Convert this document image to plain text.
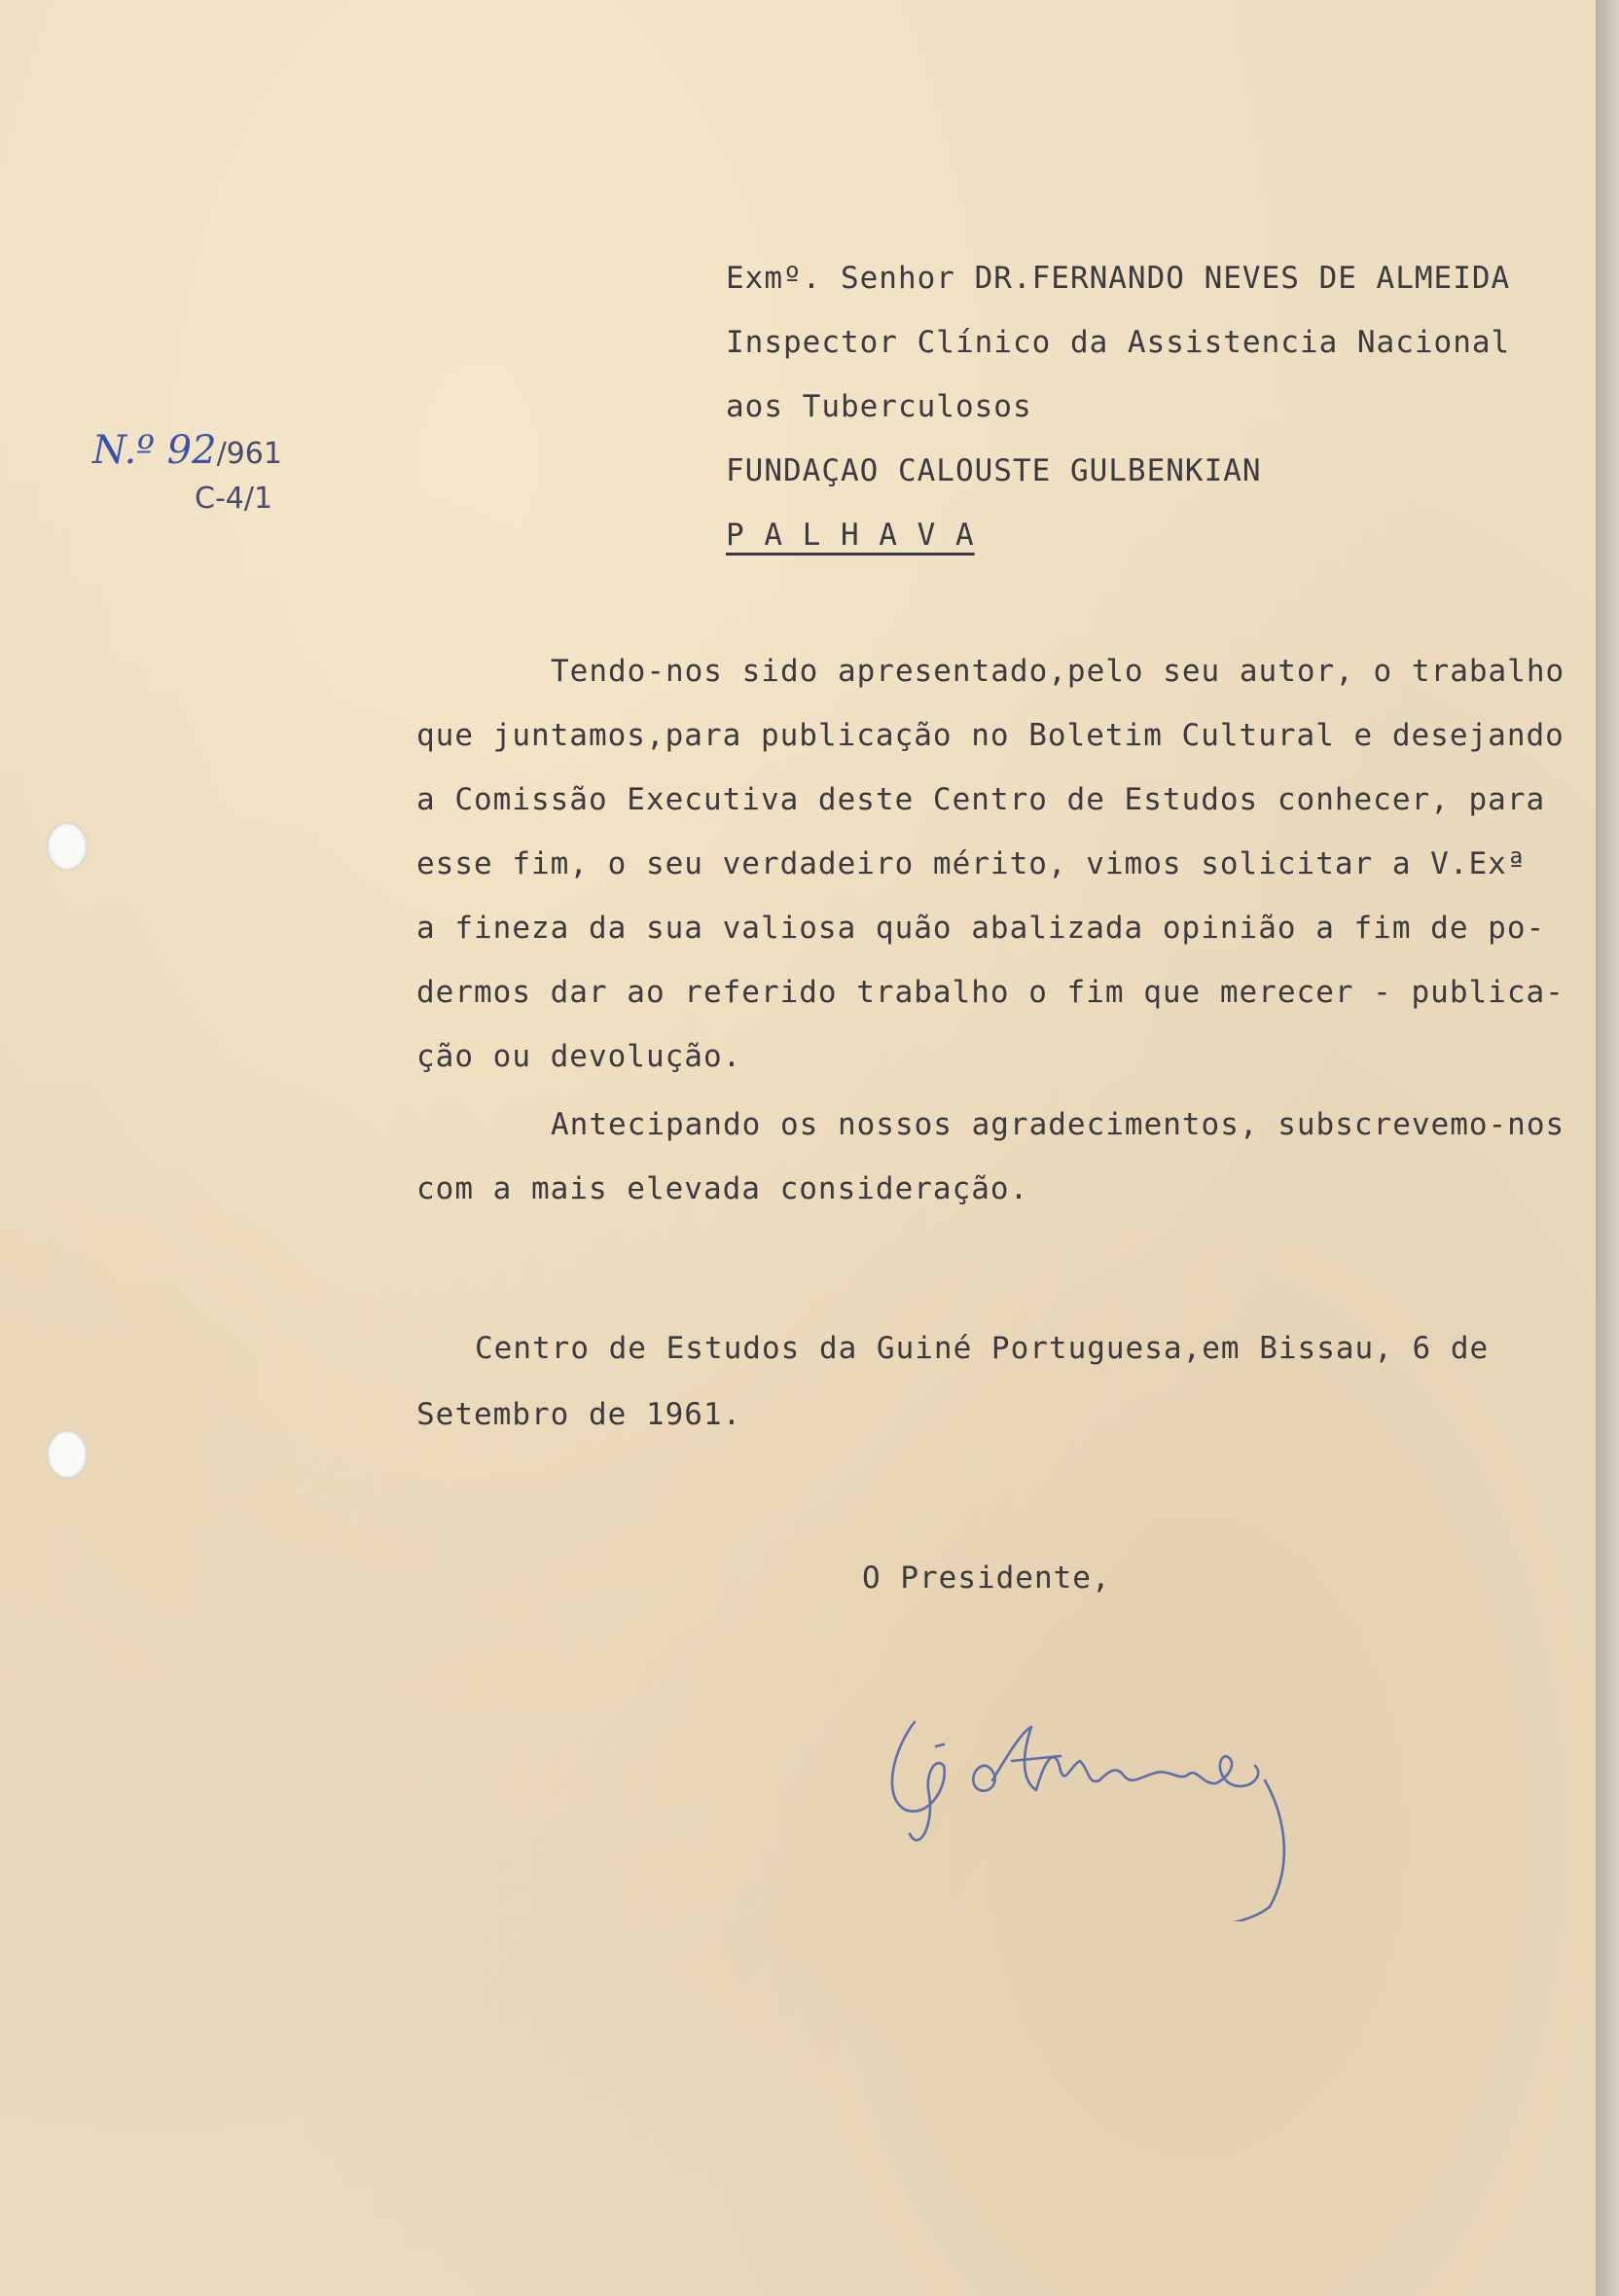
N.º 92/961
C-4/1
Exmº. Senhor DR.FERNANDO NEVES DE ALMEIDA
Inspector Clínico da Assistencia Nacional
aos Tuberculosos
FUNDAÇAO CALOUSTE GULBENKIAN
P A L H A V A
Tendo-nos sido apresentado,pelo seu autor, o trabalho
que juntamos,para publicação no Boletim Cultural e desejando
a Comissão Executiva deste Centro de Estudos conhecer, para
esse fim, o seu verdadeiro mérito, vimos solicitar a V.Exª
a fineza da sua valiosa quão abalizada opinião a fim de po-
dermos dar ao referido trabalho o fim que merecer - publica-
ção ou devolução.
Antecipando os nossos agradecimentos, subscrevemo-nos
com a mais elevada consideração.
Centro de Estudos da Guiné Portuguesa,em Bissau, 6 de
Setembro de 1961.
O Presidente,
